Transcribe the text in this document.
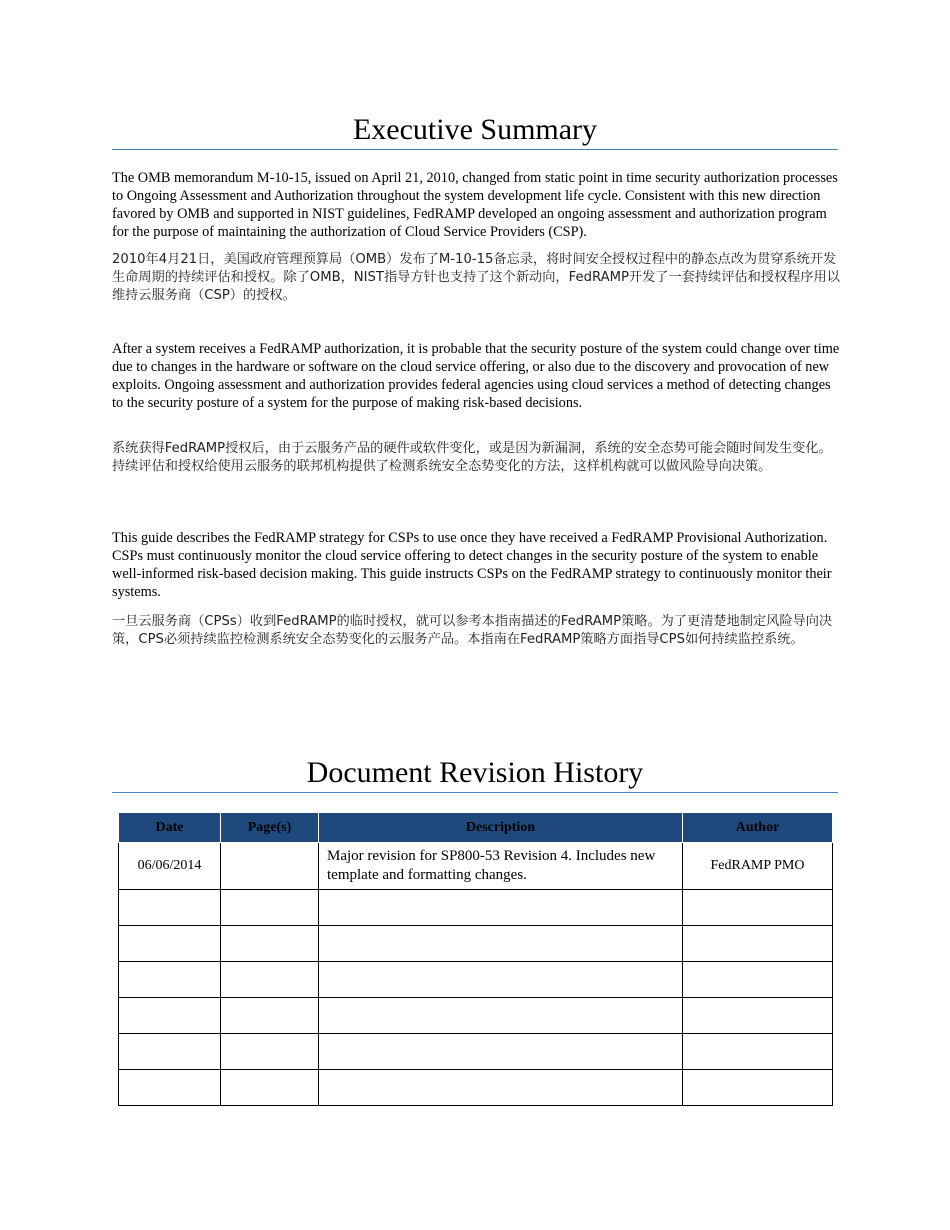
Executive Summary

The OMB memorandum M-10-15, issued on April 21, 2010, changed from static point in time security authorization processes to Ongoing Assessment and Authorization throughout the system development life cycle. Consistent with this new direction favored by OMB and supported in NIST guidelines, FedRAMP developed an ongoing assessment and authorization program for the purpose of maintaining the authorization of Cloud Service Providers (CSP).

2010年4月21日，美国政府管理预算局（OMB）发布了M-10-15备忘录，将时间安全授权过程中的静态点改为贯穿系统开发生命周期的持续评估和授权。除了OMB，NIST指导方针也支持了这个新动向，FedRAMP开发了一套持续评估和授权程序用以维持云服务商（CSP）的授权。

After a system receives a FedRAMP authorization, it is probable that the security posture of the system could change over time due to changes in the hardware or software on the cloud service offering, or also due to the discovery and provocation of new exploits. Ongoing assessment and authorization provides federal agencies using cloud services a method of detecting changes to the security posture of a system for the purpose of making risk-based decisions.

系统获得FedRAMP授权后，由于云服务产品的硬件或软件变化，或是因为新漏洞，系统的安全态势可能会随时间发生变化。持续评估和授权给使用云服务的联邦机构提供了检测系统安全态势变化的方法，这样机构就可以做风险导向决策。

This guide describes the FedRAMP strategy for CSPs to use once they have received a FedRAMP Provisional Authorization. CSPs must continuously monitor the cloud service offering to detect changes in the security posture of the system to enable well-informed risk-based decision making. This guide instructs CSPs on the FedRAMP strategy to continuously monitor their systems.

一旦云服务商（CPSs）收到FedRAMP的临时授权，就可以参考本指南描述的FedRAMP策略。为了更清楚地制定风险导向决策，CPS必须持续监控检测系统安全态势变化的云服务产品。本指南在FedRAMP策略方面指导CPS如何持续监控系统。

Document Revision History
Date	Page(s)	Description	Author
06/06/2014		Major revision for SP800-53 Revision 4. Includes new template and formatting changes.	FedRAMP PMO
